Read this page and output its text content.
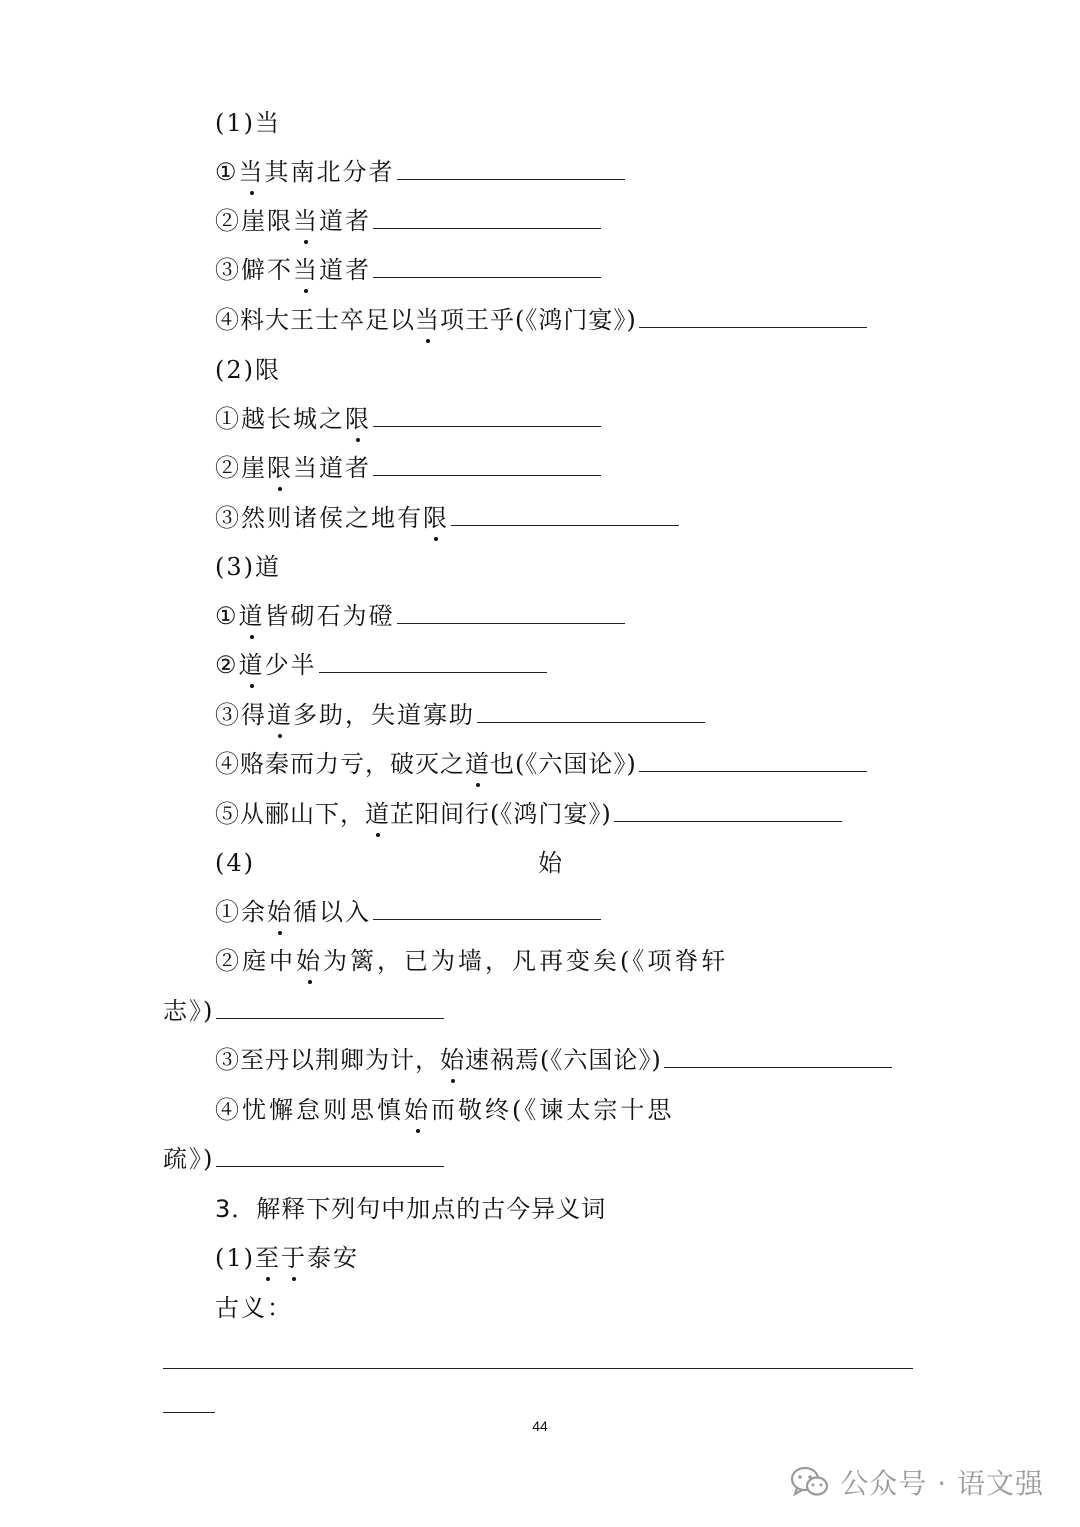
(1)当
①当其南北分者
②崖限当道者
③僻不当道者
④料大王士卒足以当项王乎(《鸿门宴》)
(2)限
①越长城之限
②崖限当道者
③然则诸侯之地有限
(3)道
①道皆砌石为磴
②道少半
③得道多助，失道寡助
④赂秦而力亏，破灭之道也(《六国论》)
⑤从郦山下，道芷阳间行(《鸿门宴》)
(4)	始
①余始循以入
②庭中始为篱，已为墙，凡再变矣(《项脊轩
志》)
③至丹以荆卿为计，始速祸焉(《六国论》)
④忧懈怠则思慎始而敬终(《谏太宗十思
疏》)
3．解释下列句中加点的古今异义词
(1)至于泰安
古义：
44
公众号 · 语文强
